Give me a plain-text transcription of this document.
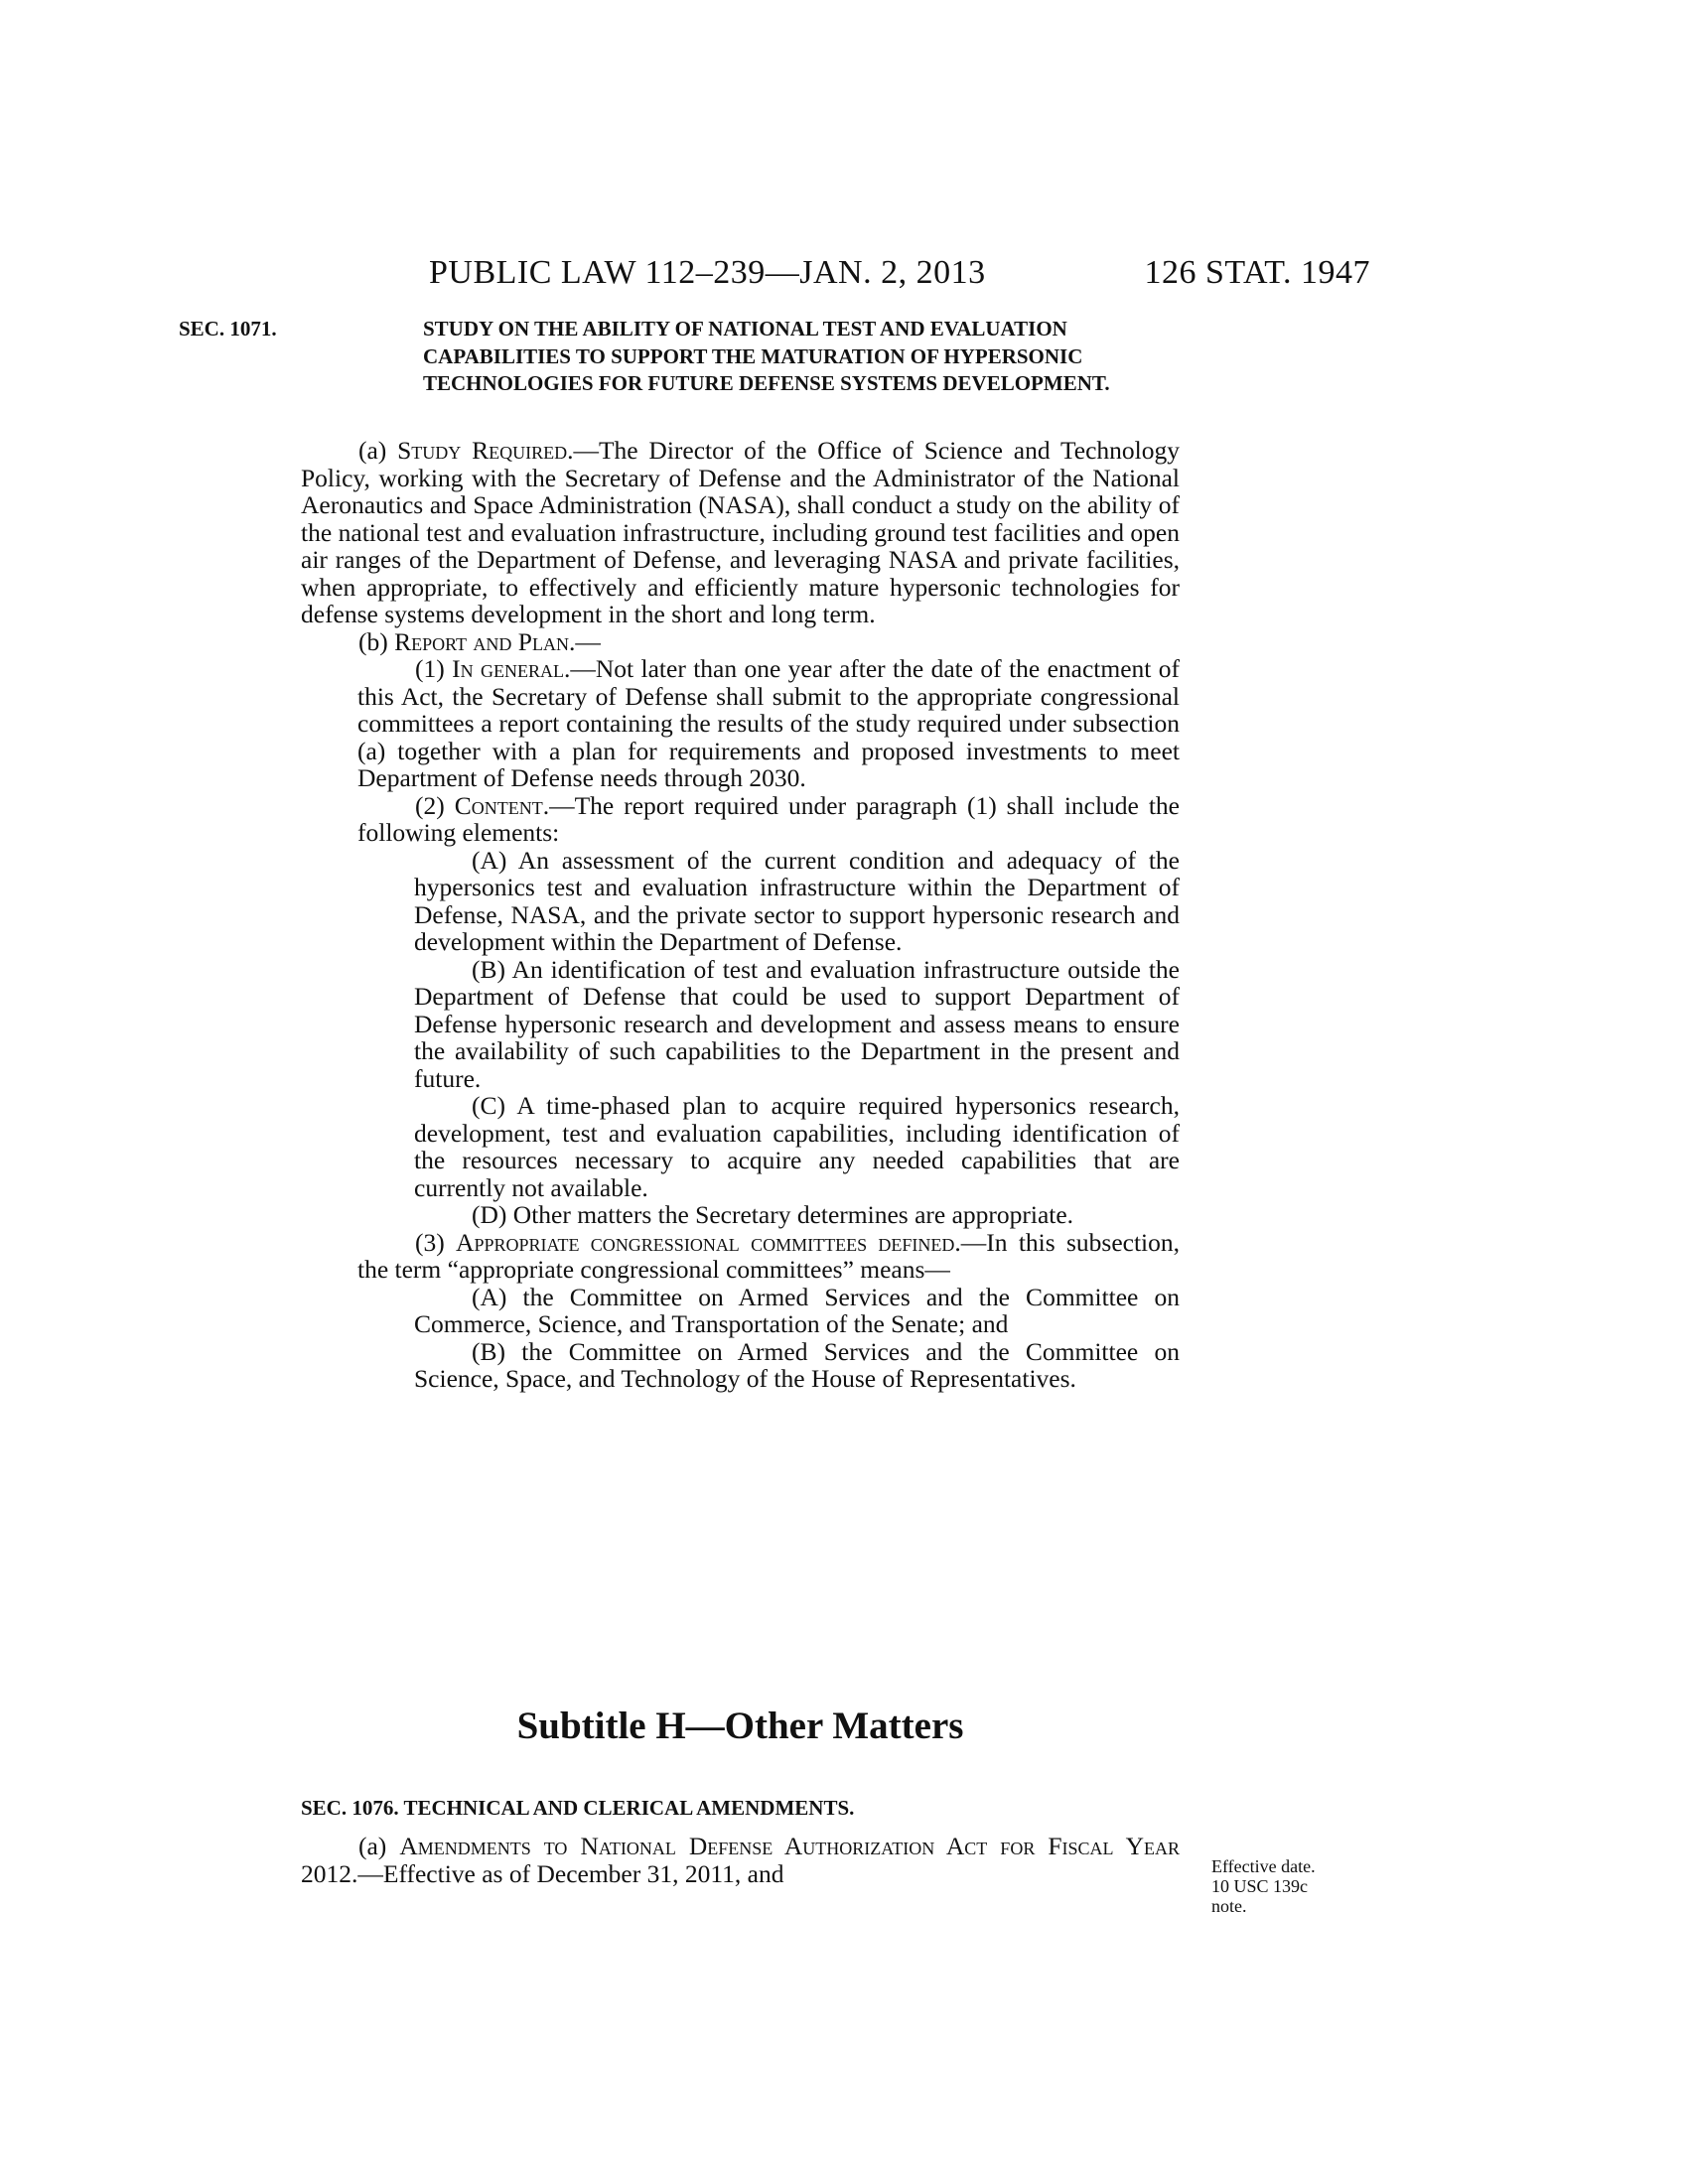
PUBLIC LAW 112–239—JAN. 2, 2013	126 STAT. 1947
SEC. 1071.	STUDY ON THE ABILITY OF NATIONAL TEST AND EVALUATION CAPABILITIES TO SUPPORT THE MATURATION OF HYPERSONIC TECHNOLOGIES FOR FUTURE DEFENSE SYSTEMS DEVELOPMENT.

(a) Study Required.—The Director of the Office of Science and Technology Policy, working with the Secretary of Defense and the Administrator of the National Aeronautics and Space Administration (NASA), shall conduct a study on the ability of the national test and evaluation infrastructure, including ground test facilities and open air ranges of the Department of Defense, and leveraging NASA and private facilities, when appropriate, to effectively and efficiently mature hypersonic technologies for defense systems development in the short and long term.

(b) Report and Plan.—

(1) In general.—Not later than one year after the date of the enactment of this Act, the Secretary of Defense shall submit to the appropriate congressional committees a report containing the results of the study required under subsection (a) together with a plan for requirements and proposed investments to meet Department of Defense needs through 2030.

(2) Content.—The report required under paragraph (1) shall include the following elements:

(A) An assessment of the current condition and adequacy of the hypersonics test and evaluation infrastructure within the Department of Defense, NASA, and the private sector to support hypersonic research and development within the Department of Defense.

(B) An identification of test and evaluation infrastructure outside the Department of Defense that could be used to support Department of Defense hypersonic research and development and assess means to ensure the availability of such capabilities to the Department in the present and future.

(C) A time-phased plan to acquire required hypersonics research, development, test and evaluation capabilities, including identification of the resources necessary to acquire any needed capabilities that are currently not available.

(D) Other matters the Secretary determines are appropriate.

(3) Appropriate congressional committees defined.—In this subsection, the term “appropriate congressional committees” means—

(A) the Committee on Armed Services and the Committee on Commerce, Science, and Transportation of the Senate; and

(B) the Committee on Armed Services and the Committee on Science, Space, and Technology of the House of Representatives.

Subtitle H—Other Matters
SEC. 1076. TECHNICAL AND CLERICAL AMENDMENTS.

(a) Amendments to National Defense Authorization Act for Fiscal Year 2012.—Effective as of December 31, 2011, and	Effective date.
10 USC 139c
note.
